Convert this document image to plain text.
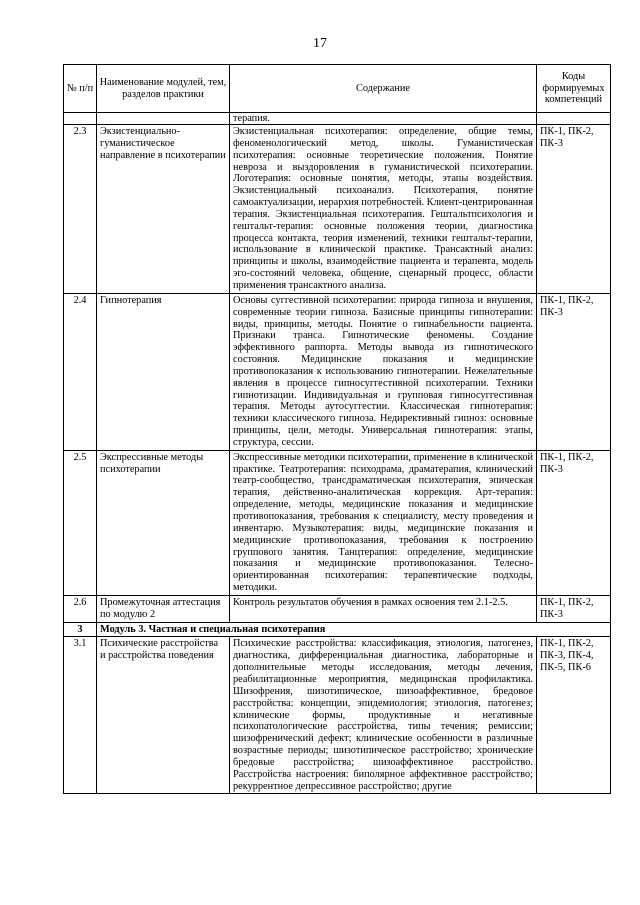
17
№ п/п	Наименование модулей, тем, разделов практики	Содержание	Коды формируемых компетенций
		терапия.	
2.3	Экзистенциально-гуманистическое направление в психотерапии	Экзистенциальная психотерапия: определение, общие темы, феноменологический метод, школы. Гуманистическая психотерапия: основные теоретические положения. Понятие невроза и выздоровления в гуманистической психотерапии. Логотерапия: основные понятия, методы, этапы воздействия. Экзистенциальный психоанализ. Психотерапия, понятие самоактуализации, иерархия потребностей. Клиент-центрированная терапия. Экзистенциальная психотерапия. Гештальтпсихология и гештальт-терапия: основные положения теории, диагностика процесса контакта, теория изменений, техники гештальт-терапии, использование в клинической практике. Трансактный анализ: принципы и школы, взаимодействие пациента и терапевта, модель эго-состояний человека, общение, сценарный процесс, области применения трансактного анализа.	ПК-1, ПК-2, ПК-3
2.4	Гипнотерапия	Основы суггестивной психотерапии: природа гипноза и внушения, современные теории гипноза. Базисные принципы гипнотерапии: виды, принципы, методы. Понятие о гипнабельности пациента. Признаки транса. Гипнотические феномены. Создание эффективного раппорта. Методы вывода из гипнотического состояния. Медицинские показания и медицинские противопоказания к использованию гипнотерапии. Нежелательные явления в процессе гипносуггестивной психотерапии. Техники гипнотизации. Индивидуальная и групповая гипносуггестивная терапия. Методы аутосуггестии. Классическая гипнотерапия: техники классического гипноза. Недирективный гипноз: основные принципы, цели, методы. Универсальная гипнотерапия: этапы, структура, сессии.	ПК-1, ПК-2, ПК-3
2.5	Экспрессивные методы психотерапии	Экспрессивные методики психотерапии, применение в клинической практике. Театротерапия: психодрама, драматерапия, клинический театр-сообщество, трансдраматическая психотерапия, эпическая терапия, действенно-аналитическая коррекция. Арт-терапия: определение, методы, медицинские показания и медицинские противопоказания, требования к специалисту, месту проведения и инвентарю. Музыкотерапия: виды, медицинские показания и медицинские противопоказания, требования к построению группового занятия. Танцтерапия: определение, медицинские показания и медицинские противопоказания. Телесно-ориентированная психотерапия: терапевтические подходы, методики.	ПК-1, ПК-2, ПК-3
2.6	Промежуточная аттестация по модулю 2	Контроль результатов обучения в рамках освоения тем 2.1-2.5.	ПК-1, ПК-2, ПК-3
3	Модуль 3. Частная и специальная психотерапия		
3.1	Психические расстройства и расстройства поведения	Психические расстройства: классификация, этиология, патогенез, диагностика, дифференциальная диагностика, лабораторные и дополнительные методы исследования, методы лечения, реабилитационные мероприятия, медицинская профилактика. Шизофрения, шизотипическое, шизоаффективное, бредовое расстройства: концепции, эпидемиология; этиология, патогенез; клинические формы, продуктивные и негативные психопатологические расстройства, типы течения; ремиссии; шизофренический дефект; клинические особенности в различные возрастные периоды; шизотипическое расстройство; хронические бредовые расстройства; шизоаффективное расстройство. Расстройства настроения: биполярное аффективное расстройство; рекуррентное депрессивное расстройство; другие	ПК-1, ПК-2, ПК-3, ПК-4, ПК-5, ПК-6
